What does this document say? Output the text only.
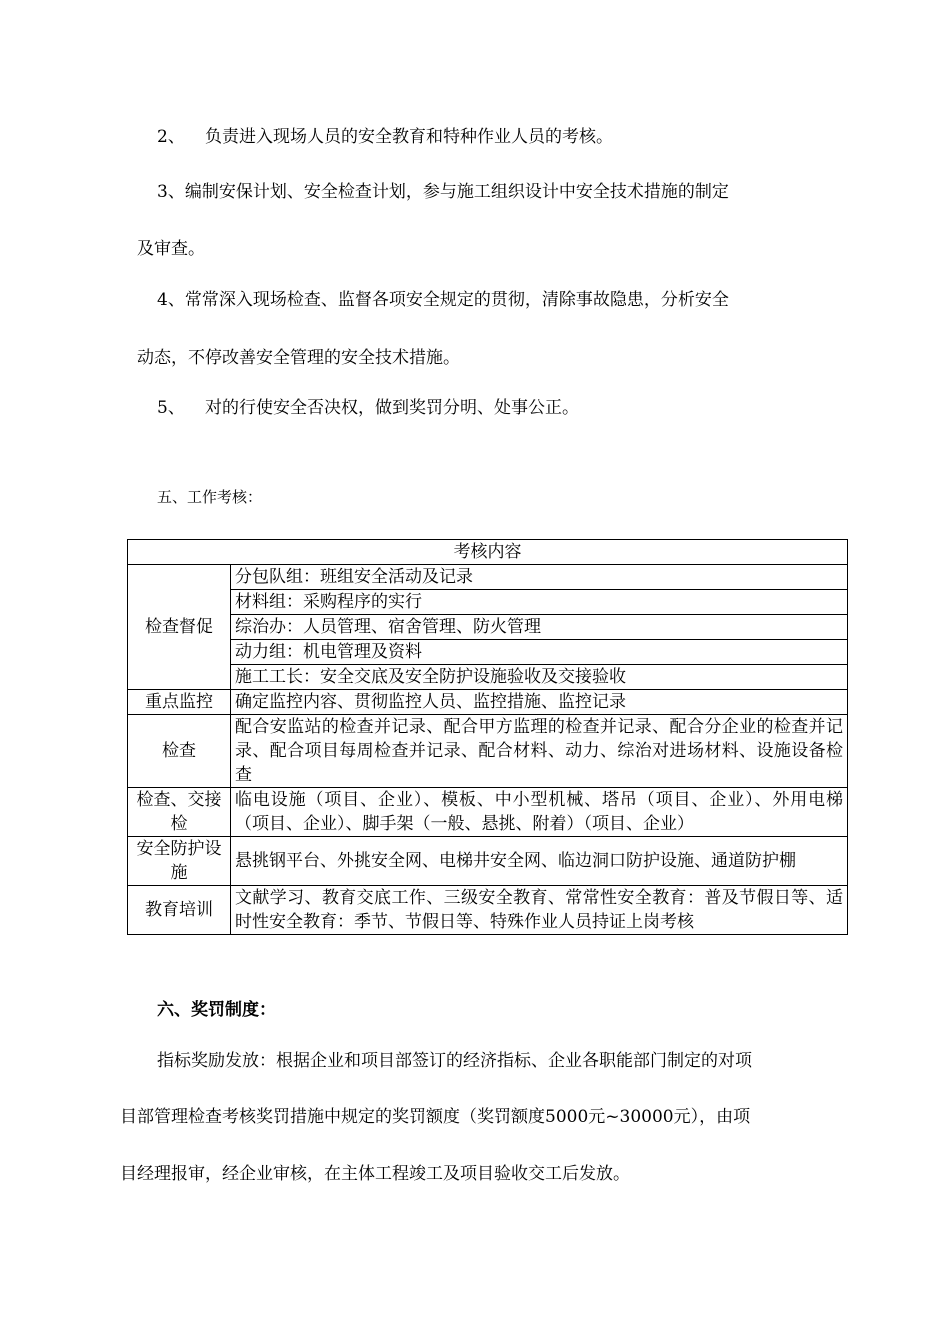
2、 负责进入现场人员的安全教育和特种作业人员的考核。
3、编制安保计划、安全检查计划，参与施工组织设计中安全技术措施的制定
及审查。
4、常常深入现场检查、监督各项安全规定的贯彻，清除事故隐患，分析安全
动态，不停改善安全管理的安全技术措施。
5、 对的行使安全否决权，做到奖罚分明、处事公正。
五、工作考核：
考核内容	
检查督促	分包队组：班组安全活动及记录
	材料组：采购程序的实行
	综治办：人员管理、宿舍管理、防火管理
	动力组：机电管理及资料
	施工工长：安全交底及安全防护设施验收及交接验收
重点监控	确定监控内容、贯彻监控人员、监控措施、监控记录
检查	配合安监站的检查并记录、配合甲方监理的检查并记录、配合分企业的检查并记录、配合项目每周检查并记录、配合材料、动力、综治对进场材料、设施设备检查
检查、交接检	临电设施（项目、企业）、模板、中小型机械、塔吊（项目、企业）、外用电梯（项目、企业）、脚手架（一般、悬挑、附着）（项目、企业）
安全防护设施	悬挑钢平台、外挑安全网、电梯井安全网、临边洞口防护设施、通道防护棚
教育培训	文献学习、教育交底工作、三级安全教育、常常性安全教育：普及节假日等、适时性安全教育：季节、节假日等、特殊作业人员持证上岗考核
六、奖罚制度：
指标奖励发放：根据企业和项目部签订的经济指标、企业各职能部门制定的对项
目部管理检查考核奖罚措施中规定的奖罚额度（奖罚额度5000元~30000元），由项
目经理报审，经企业审核，在主体工程竣工及项目验收交工后发放。
